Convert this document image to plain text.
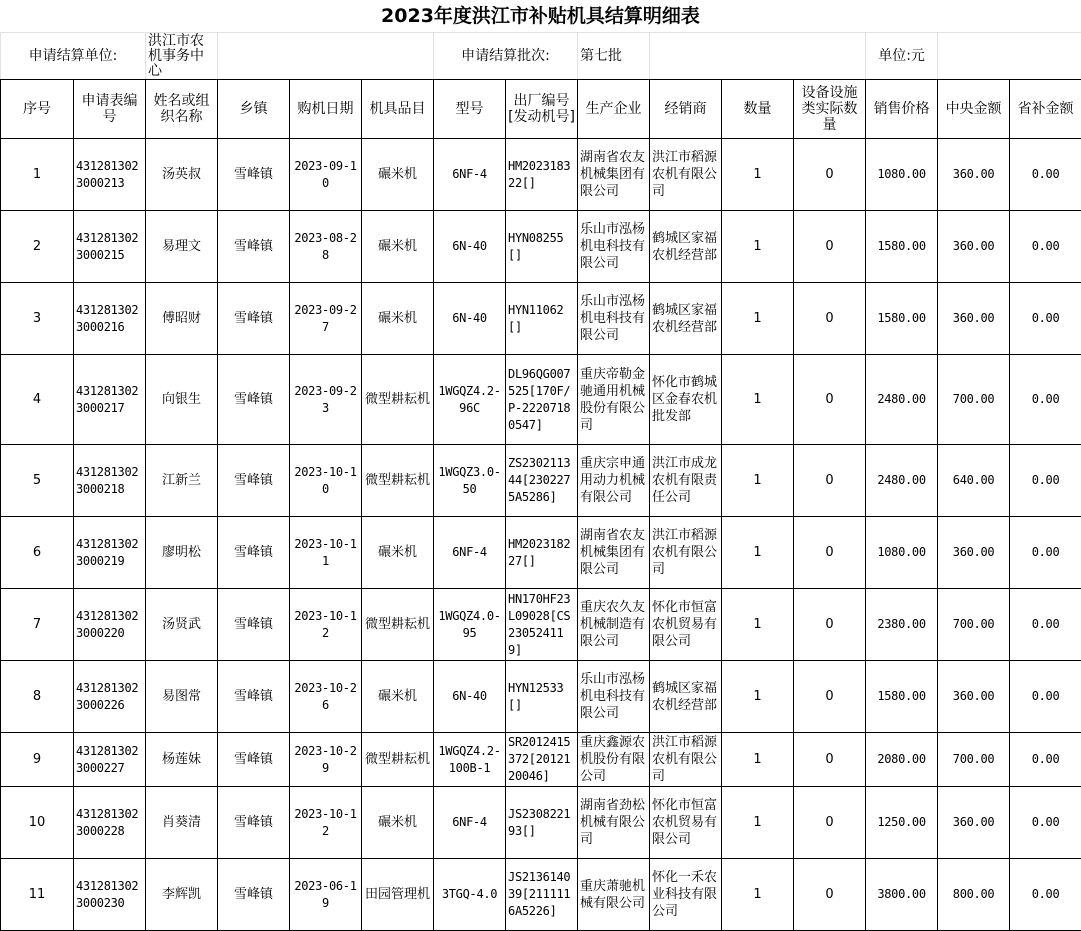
2023年度洪江市补贴机具结算明细表
申请结算单位:		洪江市农机事务中心				申请结算批次:		第七批				单位:元		
序号	申请表编号	姓名或组织名称	乡镇	购机日期	机具品目	型号	出厂编号[发动机号]	生产企业	经销商	数量	设备设施类实际数量	销售价格	中央金额	省补金额
1	4312813023000213	汤英叔	雪峰镇	2023-09-10	碾米机	6NF-4	HM202318322[]	湖南省农友机械集团有限公司	洪江市稻源农机有限公司	1	0	1080.00	360.00	0.00
2	4312813023000215	易理文	雪峰镇	2023-08-28	碾米机	6N-40	HYN08255[]	乐山市泓杨机电科技有限公司	鹤城区家福农机经营部	1	0	1580.00	360.00	0.00
3	4312813023000216	傅昭财	雪峰镇	2023-09-27	碾米机	6N-40	HYN11062[]	乐山市泓杨机电科技有限公司	鹤城区家福农机经营部	1	0	1580.00	360.00	0.00
4	4312813023000217	向银生	雪峰镇	2023-09-23	微型耕耘机	1WGQZ4.2-96C	DL96QG007525[170F/P-22207180547]	重庆帝勒金驰通用机械股份有限公司	怀化市鹤城区金春农机批发部	1	0	2480.00	700.00	0.00
5	4312813023000218	江新兰	雪峰镇	2023-10-10	微型耕耘机	1WGQZ3.0-50	ZS230211344[2302275A5286]	重庆宗申通用动力机械有限公司	洪江市成龙农机有限责任公司	1	0	2480.00	640.00	0.00
6	4312813023000219	廖明松	雪峰镇	2023-10-11	碾米机	6NF-4	HM202318227[]	湖南省农友机械集团有限公司	洪江市稻源农机有限公司	1	0	1080.00	360.00	0.00
7	4312813023000220	汤贤武	雪峰镇	2023-10-12	微型耕耘机	1WGQZ4.0-95	HN170HF23L09028[CS230524119]	重庆农久友机械制造有限公司	怀化市恒富农机贸易有限公司	1	0	2380.00	700.00	0.00
8	4312813023000226	易图常	雪峰镇	2023-10-26	碾米机	6N-40	HYN12533[]	乐山市泓杨机电科技有限公司	鹤城区家福农机经营部	1	0	1580.00	360.00	0.00
9	4312813023000227	杨莲妹	雪峰镇	2023-10-29	微型耕耘机	1WGQZ4.2-100B-1	SR2012415372[2012120046]	重庆鑫源农机股份有限公司	洪江市稻源农机有限公司	1	0	2080.00	700.00	0.00
10	4312813023000228	肖葵清	雪峰镇	2023-10-12	碾米机	6NF-4	JS230822193[]	湖南省劲松机械有限公司	怀化市恒富农机贸易有限公司	1	0	1250.00	360.00	0.00
11	4312813023000230	李辉凯	雪峰镇	2023-06-19	田园管理机	3TGQ-4.0	JS213614039[2111116A5226]	重庆萧驰机械有限公司	怀化一禾农业科技有限公司	1	0	3800.00	800.00	0.00
